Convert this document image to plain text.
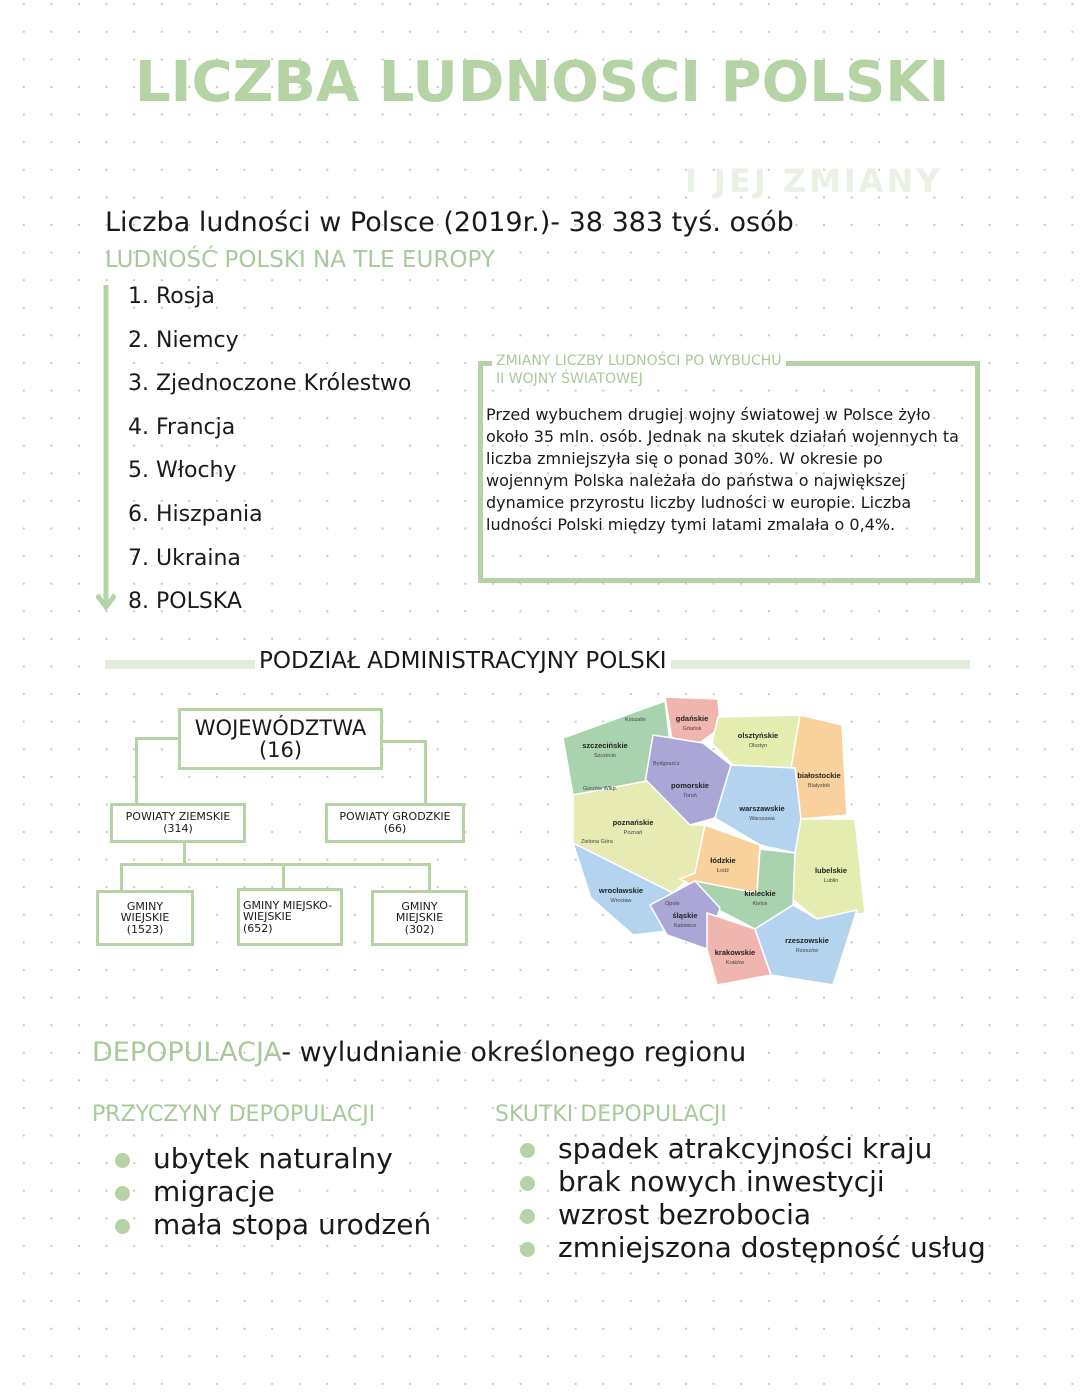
LICZBA LUDNOSCI POLSKI
I JEJ ZMIANY
Liczba ludności w Polsce (2019r.)- 38 383 tyś. osób
LUDNOŚĆ POLSKI NA TLE EUROPY
1. Rosja
2. Niemcy
3. Zjednoczone Królestwo
4. Francja
5. Włochy
6. Hiszpania
7. Ukraina
8. POLSKA
ZMIANY LICZBY LUDNOŚCI PO WYBUCHU
II WOJNY ŚWIATOWEJ
Przed wybuchem drugiej wojny światowej w Polsce żyło około 35 mln. osób. Jednak na skutek działań wojennych ta liczba zmniejszyła się o ponad 30%. W okresie po wojennym Polska należała do państwa o największej dynamice przyrostu liczby ludności w europie. Liczba ludności Polski między tymi latami zmalała o 0,4%.
PODZIAŁ ADMINISTRACYJNY POLSKI
WOJEWÓDZTWA
(16)
POWIATY ZIEMSKIE
(314)
POWIATY GRODZKIE
(66)
GMINY WIEJSKIE
(1523)
GMINY MIEJSKO-WIEJSKIE
(652)
GMINY MIEJSKIE
(302)
szczecińskie
Szczecin
gdańskie
Gdańsk
olsztyńskie
Olsztyn
białostockie
Białystok
pomorskie
Toruń
warszawskie
Warszawa
poznańskie
Poznań
łódzkie
Łódź	lubelskie
Lublin
wrocławskie
Wrocław
kieleckie
Kielce
śląskie
Katowice
krakowskie
Kraków
rzeszowskie
Rzeszów
Koszalin
Bydgoszcz
Gorzów Wlkp.
Zielona Góra
Opole
DEPOPULACJA- wyludnianie określonego regionu
PRZYCZYNY DEPOPULACJI	SKUTKI DEPOPULACJI
ubytek naturalny
migracje
mała stopa urodzeń
spadek atrakcyjności kraju
brak nowych inwestycji
wzrost bezrobocia
zmniejszona dostępność usług
